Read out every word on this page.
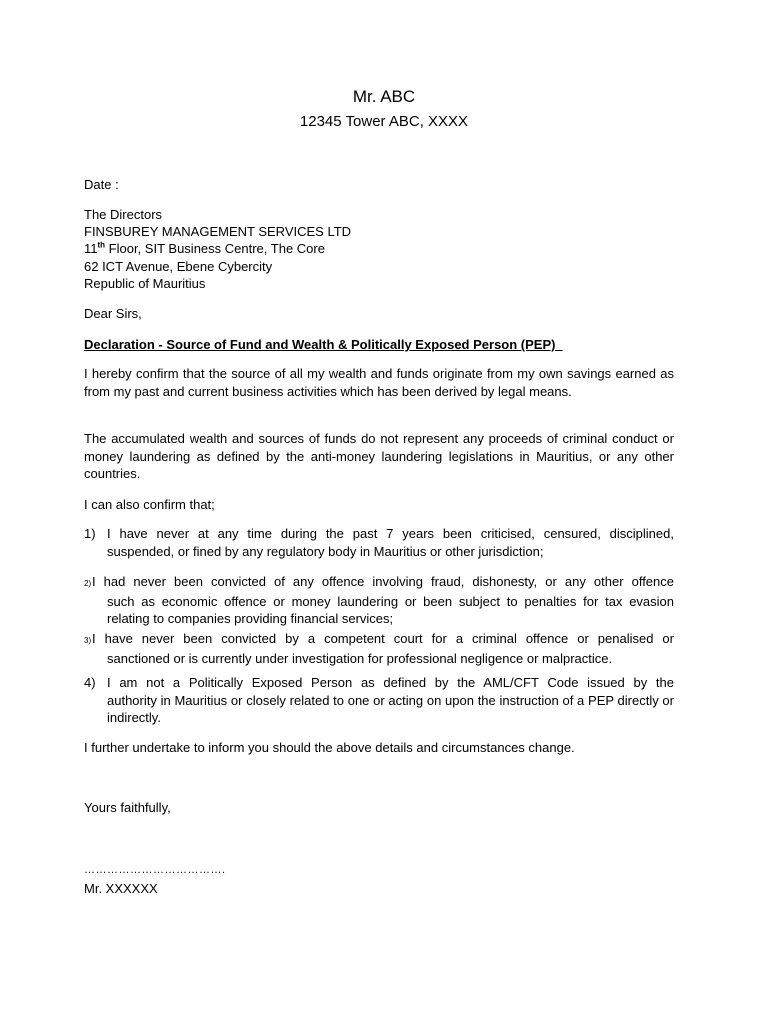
Mr. ABC
12345 Tower ABC, XXXX
Date :
The Directors
FINSBUREY MANAGEMENT SERVICES LTD
11th Floor, SIT Business Centre, The Core
62 ICT Avenue, Ebene Cybercity
Republic of Mauritius
Dear Sirs,
Declaration - Source of Fund and Wealth & Politically Exposed Person (PEP)
I hereby confirm that the source of all my wealth and funds originate from my own savings earned as from my past and current business activities which has been derived by legal means.
The accumulated wealth and sources of funds do not represent any proceeds of criminal conduct or money laundering as defined by the anti-money laundering legislations in Mauritius, or any other countries.
I can also confirm that;
1) I have never at any time during the past 7 years been criticised, censured, disciplined,
suspended, or fined by any regulatory body in Mauritius or other jurisdiction;
2)I had never been convicted of any offence involving fraud, dishonesty, or any other offence
such as economic offence or money laundering or been subject to penalties for tax evasion relating to companies providing financial services;
3)I have never been convicted by a competent court for a criminal offence or penalised or
sanctioned or is currently under investigation for professional negligence or malpractice.
4) I am not a Politically Exposed Person as defined by the AML/CFT Code issued by the
authority in Mauritius or closely related to one or acting on upon the instruction of a PEP directly or indirectly.
I further undertake to inform you should the above details and circumstances change.
Yours faithfully,
……………………………….
Mr. XXXXXX
